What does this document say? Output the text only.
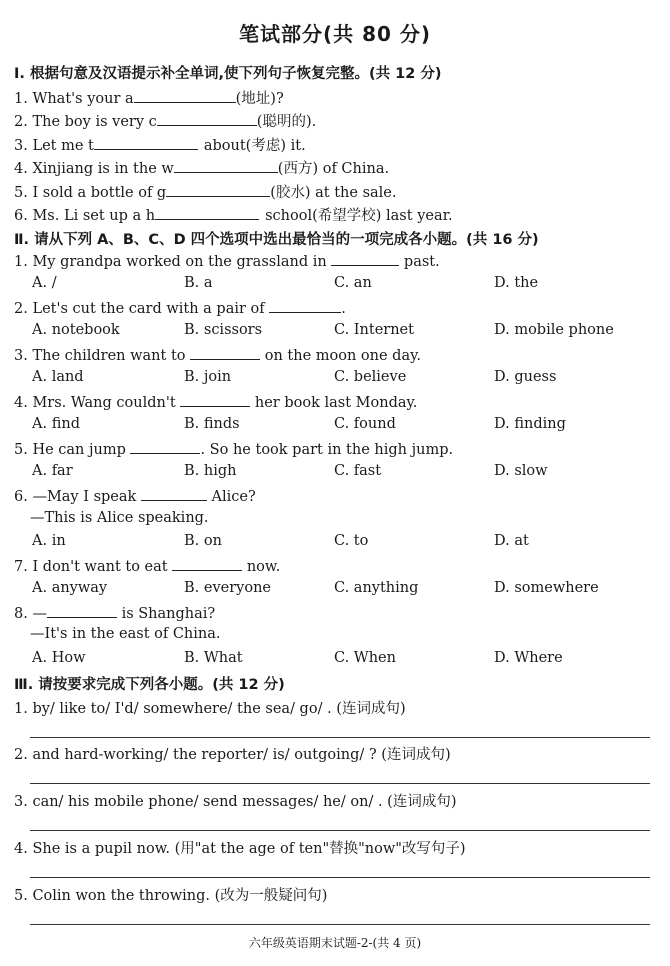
笔试部分(共 80 分)
Ⅰ. 根据句意及汉语提示补全单词,使下列句子恢复完整。(共 12 分)
1. What's your a	(地址)?
2. The boy is very c	(聪明的).
3. Let me t	about(考虑) it.
4. Xinjiang is in the w	(西方) of China.
5. I sold a bottle of g	(胶水) at the sale.
6. Ms. Li set up a h	school(希望学校) last year.
Ⅱ. 请从下列 A、B、C、D 四个选项中选出最恰当的一项完成各小题。(共 16 分)
1. My grandpa worked on the grassland in	past.
A. /	B. a	C. an	D. the
2. Let's cut the card with a pair of	.
A. notebook	B. scissors	C. Internet	D. mobile phone
3. The children want to	on the moon one day.
A. land	B. join	C. believe	D. guess
4. Mrs. Wang couldn't	her book last Monday.
A. find	B. finds	C. found	D. finding
5. He can jump	. So he took part in the high jump.
A. far	B. high	C. fast	D. slow
6. —May I speak	Alice?
—This is Alice speaking.
A. in	B. on	C. to	D. at
7. I don't want to eat	now.
A. anyway	B. everyone	C. anything	D. somewhere
8. —	is Shanghai?
—It's in the east of China.
A. How	B. What	C. When	D. Where
Ⅲ. 请按要求完成下列各小题。(共 12 分)
1. by/ like to/ I'd/ somewhere/ the sea/ go/ . (连词成句)
2. and hard-working/ the reporter/ is/ outgoing/ ? (连词成句)
3. can/ his mobile phone/ send messages/ he/ on/ . (连词成句)
4. She is a pupil now. (用"at the age of ten"替换"now"改写句子)
5. Colin won the throwing. (改为一般疑问句)
六年级英语期末试题-2-(共 4 页)
